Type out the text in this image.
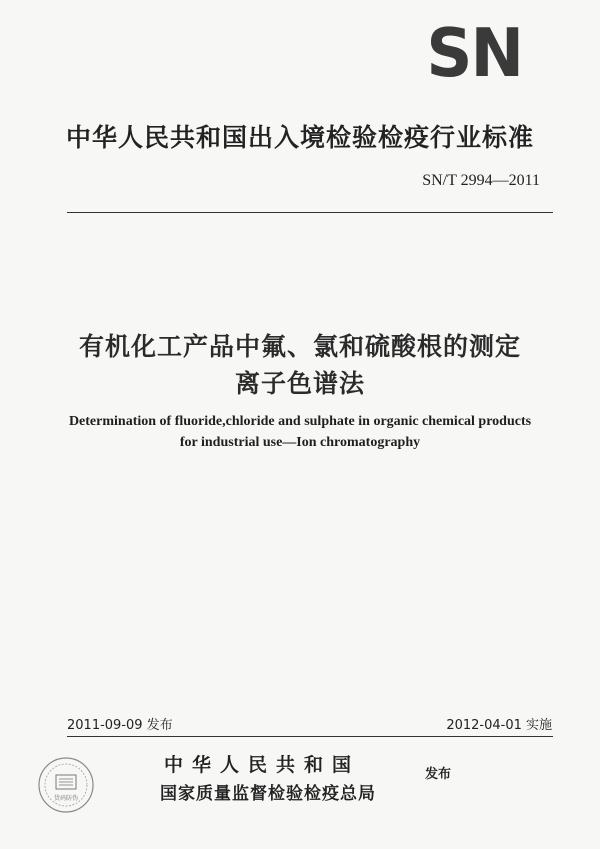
SN
中华人民共和国出入境检验检疫行业标准
SN/T 2994—2011
有机化工产品中氟、氯和硫酸根的测定
离子色谱法
Determination of fluoride,chloride and sulphate in organic chemical products
for industrial use—Ion chromatography
2011-09-09 发布	2012-04-01 实施
货码防伪
中华人民共和国
国家质量监督检验检疫总局
发布
